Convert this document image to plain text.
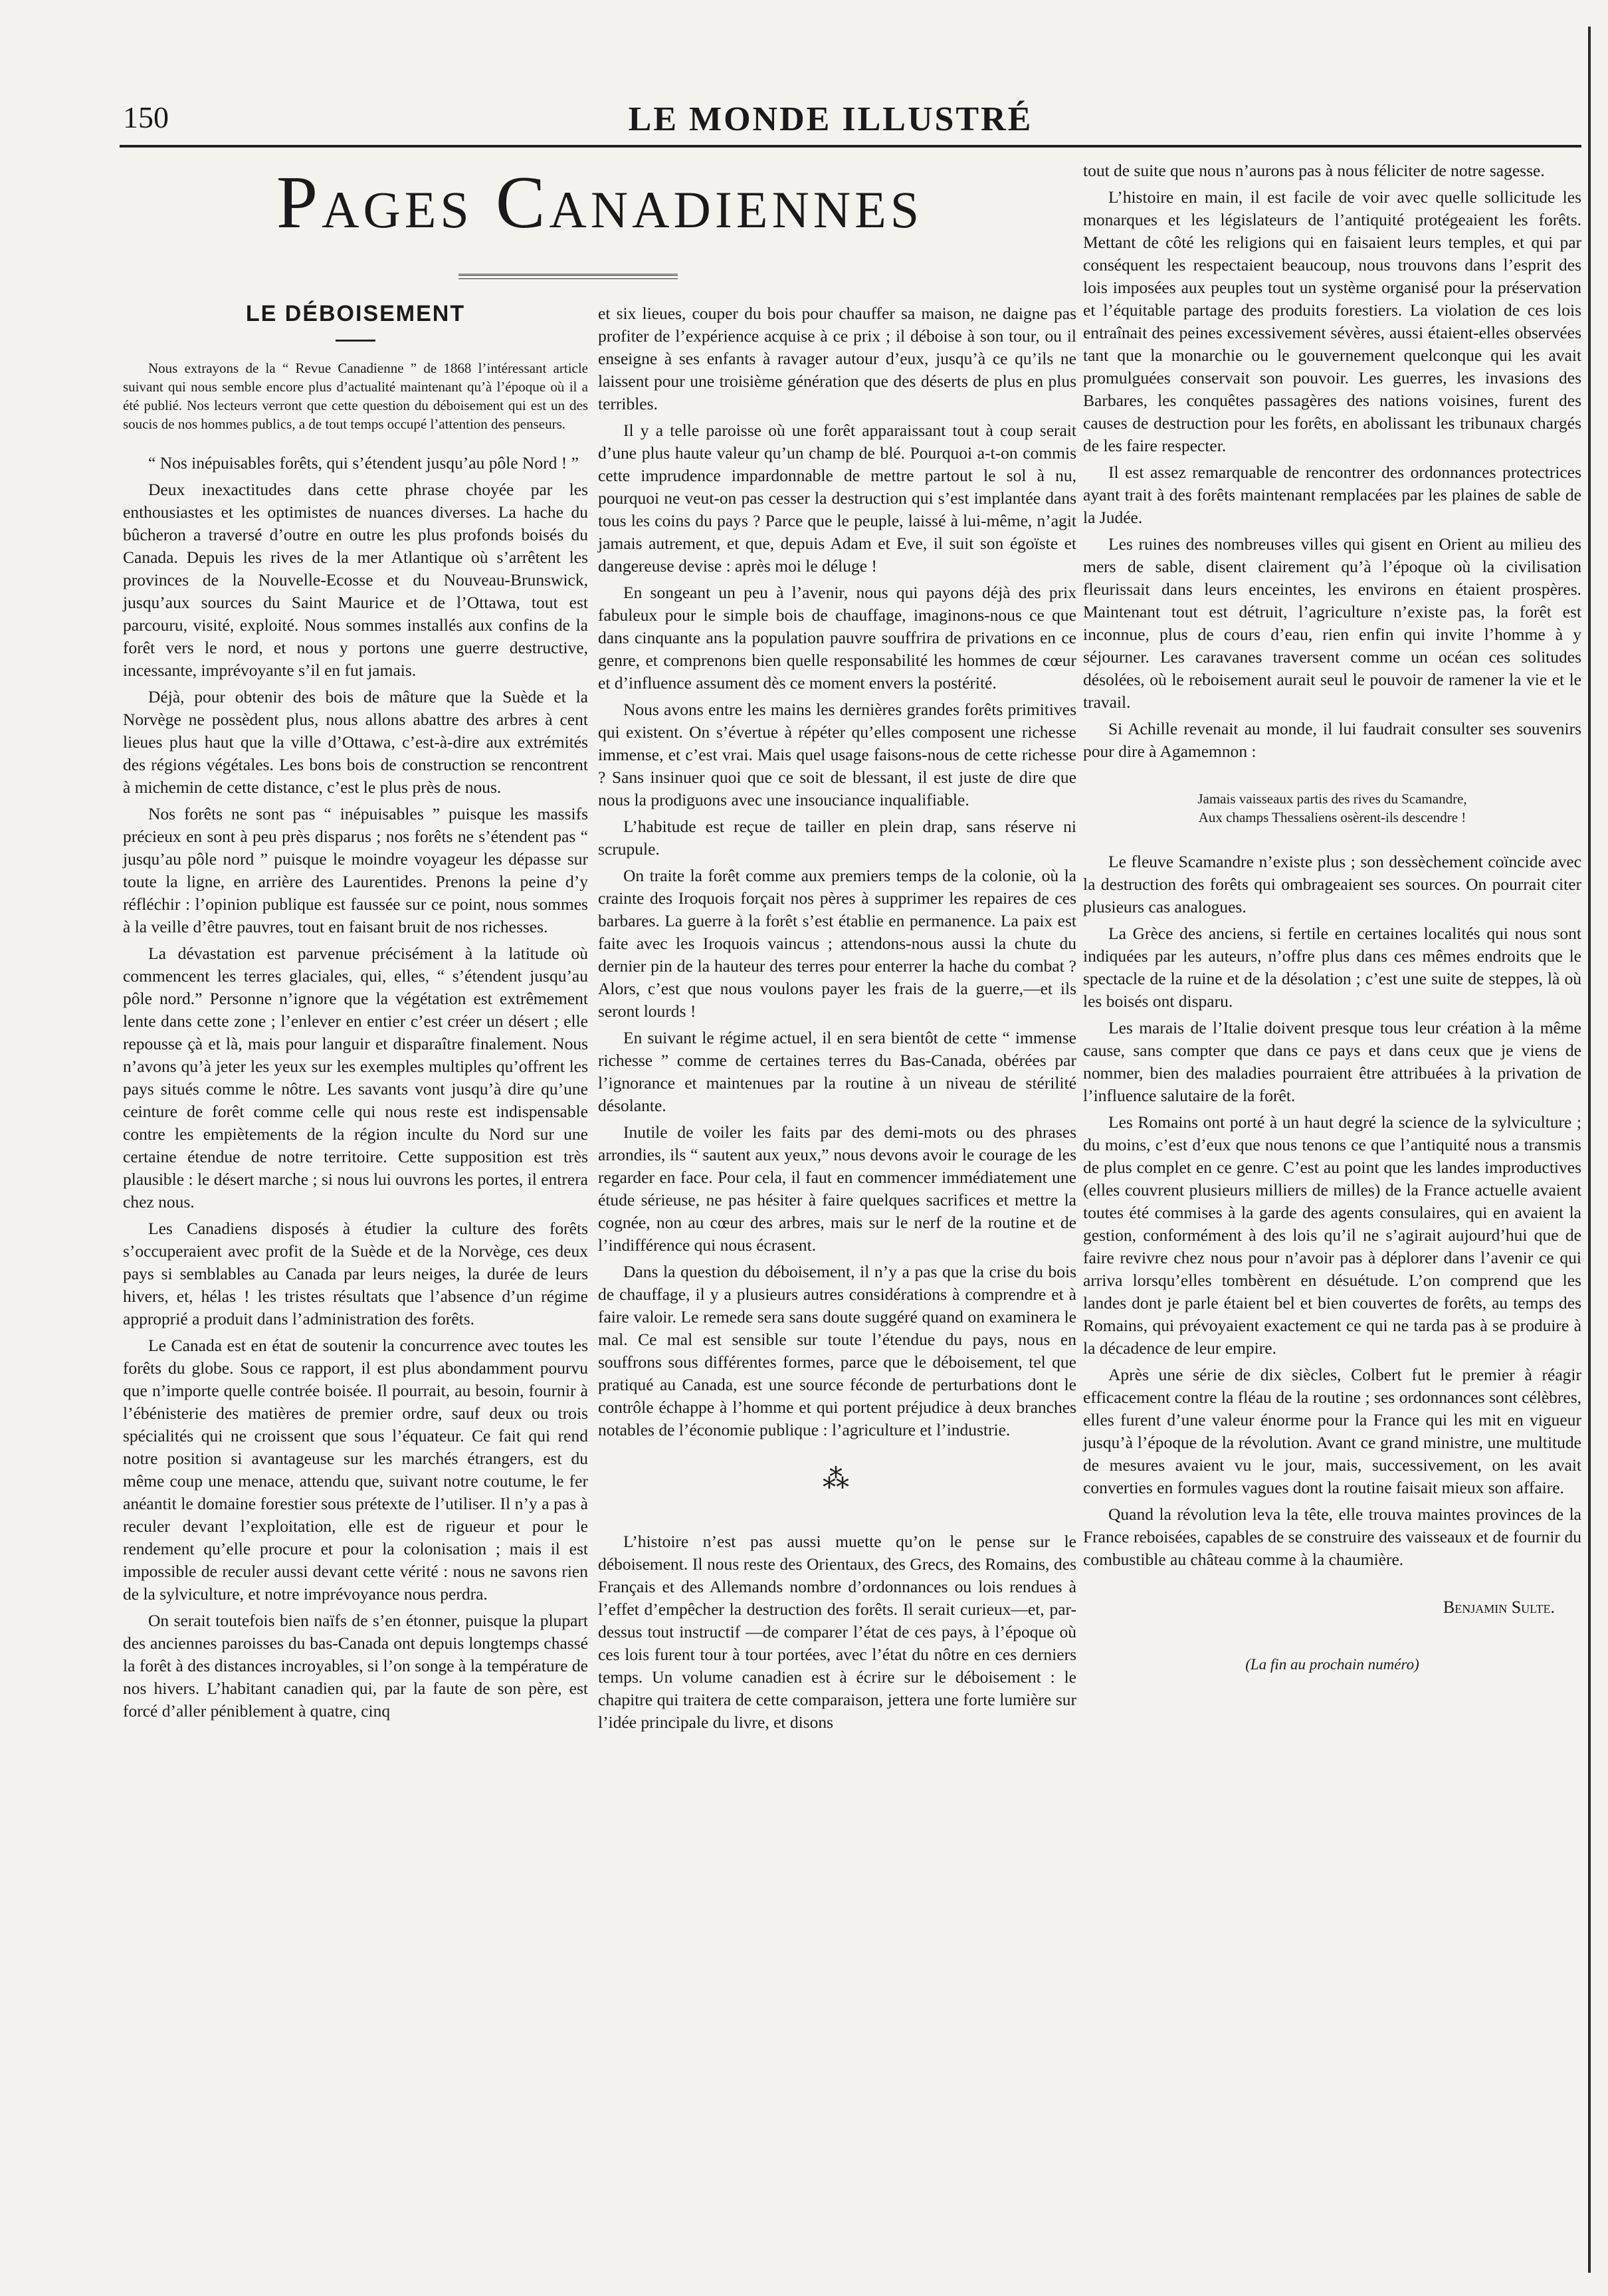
150	LE MONDE ILLUSTRÉ
Pages Canadiennes
LE DÉBOISEMENT
Nous extrayons de la “ Revue Canadienne ” de 1868 l’intéressant article suivant qui nous semble encore plus d’actualité maintenant qu’à l’époque où il a été publié. Nos lecteurs verront que cette question du déboisement qui est un des soucis de nos hommes publics, a de tout temps occupé l’attention des penseurs.

“ Nos inépuisables forêts, qui s’étendent jusqu’au pôle Nord ! ”

Deux inexactitudes dans cette phrase choyée par les enthousiastes et les optimistes de nuances diverses. La hache du bûcheron a traversé d’outre en outre les plus profonds boisés du Canada. Depuis les rives de la mer Atlantique où s’arrêtent les provinces de la Nouvelle-Ecosse et du Nouveau-Brunswick, jusqu’aux sources du Saint Maurice et de l’Ottawa, tout est parcouru, visité, exploité. Nous sommes installés aux confins de la forêt vers le nord, et nous y portons une guerre destructive, incessante, imprévoyante s’il en fut jamais.

Déjà, pour obtenir des bois de mâture que la Suède et la Norvège ne possèdent plus, nous allons abattre des arbres à cent lieues plus haut que la ville d’Ottawa, c’est-à-dire aux extrémités des régions végétales. Les bons bois de construction se rencontrent à michemin de cette distance, c’est le plus près de nous.

Nos forêts ne sont pas “ inépuisables ” puisque les massifs précieux en sont à peu près disparus ; nos forêts ne s’étendent pas “ jusqu’au pôle nord ” puisque le moindre voyageur les dépasse sur toute la ligne, en arrière des Laurentides. Prenons la peine d’y réfléchir : l’opinion publique est faussée sur ce point, nous sommes à la veille d’être pauvres, tout en faisant bruit de nos richesses.

La dévastation est parvenue précisément à la latitude où commencent les terres glaciales, qui, elles, “ s’étendent jusqu’au pôle nord.” Personne n’ignore que la végétation est extrêmement lente dans cette zone ; l’enlever en entier c’est créer un désert ; elle repousse çà et là, mais pour languir et disparaître finalement. Nous n’avons qu’à jeter les yeux sur les exemples multiples qu’offrent les pays situés comme le nôtre. Les savants vont jusqu’à dire qu’une ceinture de forêt comme celle qui nous reste est indispensable contre les empiètements de la région inculte du Nord sur une certaine étendue de notre territoire. Cette supposition est très plausible : le désert marche ; si nous lui ouvrons les portes, il entrera chez nous.

Les Canadiens disposés à étudier la culture des forêts s’occuperaient avec profit de la Suède et de la Norvège, ces deux pays si semblables au Canada par leurs neiges, la durée de leurs hivers, et, hélas ! les tristes résultats que l’absence d’un régime approprié a produit dans l’administration des forêts.

Le Canada est en état de soutenir la concurrence avec toutes les forêts du globe. Sous ce rapport, il est plus abondamment pourvu que n’importe quelle contrée boisée. Il pourrait, au besoin, fournir à l’ébénisterie des matières de premier ordre, sauf deux ou trois spécialités qui ne croissent que sous l’équateur. Ce fait qui rend notre position si avantageuse sur les marchés étrangers, est du même coup une menace, attendu que, suivant notre coutume, le fer anéantit le domaine forestier sous prétexte de l’utiliser. Il n’y a pas à reculer devant l’exploitation, elle est de rigueur et pour le rendement qu’elle procure et pour la colonisation ; mais il est impossible de reculer aussi devant cette vérité : nous ne savons rien de la sylviculture, et notre imprévoyance nous perdra.

On serait toutefois bien naïfs de s’en étonner, puisque la plupart des anciennes paroisses du bas-Canada ont depuis longtemps chassé la forêt à des distances incroyables, si l’on songe à la température de nos hivers. L’habitant canadien qui, par la faute de son père, est forcé d’aller péniblement à quatre, cinq

et six lieues, couper du bois pour chauffer sa maison, ne daigne pas profiter de l’expérience acquise à ce prix ; il déboise à son tour, ou il enseigne à ses enfants à ravager autour d’eux, jusqu’à ce qu’ils ne laissent pour une troisième génération que des déserts de plus en plus terribles.

Il y a telle paroisse où une forêt apparaissant tout à coup serait d’une plus haute valeur qu’un champ de blé. Pourquoi a-t-on commis cette imprudence impardonnable de mettre partout le sol à nu, pourquoi ne veut-on pas cesser la destruction qui s’est implantée dans tous les coins du pays ? Parce que le peuple, laissé à lui-même, n’agit jamais autrement, et que, depuis Adam et Eve, il suit son égoïste et dangereuse devise : après moi le déluge !

En songeant un peu à l’avenir, nous qui payons déjà des prix fabuleux pour le simple bois de chauffage, imaginons-nous ce que dans cinquante ans la population pauvre souffrira de privations en ce genre, et comprenons bien quelle responsabilité les hommes de cœur et d’influence assument dès ce moment envers la postérité.

Nous avons entre les mains les dernières grandes forêts primitives qui existent. On s’évertue à répéter qu’elles composent une richesse immense, et c’est vrai. Mais quel usage faisons-nous de cette richesse ? Sans insinuer quoi que ce soit de blessant, il est juste de dire que nous la prodiguons avec une insouciance inqualifiable.

L’habitude est reçue de tailler en plein drap, sans réserve ni scrupule.

On traite la forêt comme aux premiers temps de la colonie, où la crainte des Iroquois forçait nos pères à supprimer les repaires de ces barbares. La guerre à la forêt s’est établie en permanence. La paix est faite avec les Iroquois vaincus ; attendons-nous aussi la chute du dernier pin de la hauteur des terres pour enterrer la hache du combat ? Alors, c’est que nous voulons payer les frais de la guerre,—et ils seront lourds !

En suivant le régime actuel, il en sera bientôt de cette “ immense richesse ” comme de certaines terres du Bas-Canada, obérées par l’ignorance et maintenues par la routine à un niveau de stérilité désolante.

Inutile de voiler les faits par des demi-mots ou des phrases arrondies, ils “ sautent aux yeux,” nous devons avoir le courage de les regarder en face. Pour cela, il faut en commencer immédiatement une étude sérieuse, ne pas hésiter à faire quelques sacrifices et mettre la cognée, non au cœur des arbres, mais sur le nerf de la routine et de l’indifférence qui nous écrasent.

Dans la question du déboisement, il n’y a pas que la crise du bois de chauffage, il y a plusieurs autres considérations à comprendre et à faire valoir. Le remede sera sans doute suggéré quand on examinera le mal. Ce mal est sensible sur toute l’étendue du pays, nous en souffrons sous différentes formes, parce que le déboisement, tel que pratiqué au Canada, est une source féconde de perturbations dont le contrôle échappe à l’homme et qui portent préjudice à deux branches notables de l’économie publique : l’agriculture et l’industrie.

⁂

L’histoire n’est pas aussi muette qu’on le pense sur le déboisement. Il nous reste des Orientaux, des Grecs, des Romains, des Français et des Allemands nombre d’ordonnances ou lois rendues à l’effet d’empêcher la destruction des forêts. Il serait curieux—et, par-dessus tout instructif —de comparer l’état de ces pays, à l’époque où ces lois furent tour à tour portées, avec l’état du nôtre en ces derniers temps. Un volume canadien est à écrire sur le déboisement : le chapitre qui traitera de cette comparaison, jettera une forte lumière sur l’idée principale du livre, et disons

tout de suite que nous n’aurons pas à nous féliciter de notre sagesse.

L’histoire en main, il est facile de voir avec quelle sollicitude les monarques et les législateurs de l’antiquité protégeaient les forêts. Mettant de côté les religions qui en faisaient leurs temples, et qui par conséquent les respectaient beaucoup, nous trouvons dans l’esprit des lois imposées aux peuples tout un système organisé pour la préservation et l’équitable partage des produits forestiers. La violation de ces lois entraînait des peines excessivement sévères, aussi étaient-elles observées tant que la monarchie ou le gouvernement quelconque qui les avait promulguées conservait son pouvoir. Les guerres, les invasions des Barbares, les conquêtes passagères des nations voisines, furent des causes de destruction pour les forêts, en abolissant les tribunaux chargés de les faire respecter.

Il est assez remarquable de rencontrer des ordonnances protectrices ayant trait à des forêts maintenant remplacées par les plaines de sable de la Judée.

Les ruines des nombreuses villes qui gisent en Orient au milieu des mers de sable, disent clairement qu’à l’époque où la civilisation fleurissait dans leurs enceintes, les environs en étaient prospères. Maintenant tout est détruit, l’agriculture n’existe pas, la forêt est inconnue, plus de cours d’eau, rien enfin qui invite l’homme à y séjourner. Les caravanes traversent comme un océan ces solitudes désolées, où le reboisement aurait seul le pouvoir de ramener la vie et le travail.

Si Achille revenait au monde, il lui faudrait consulter ses souvenirs pour dire à Agamemnon :

Jamais vaisseaux partis des rives du Scamandre,
Aux champs Thessaliens osèrent-ils descendre !

Le fleuve Scamandre n’existe plus ; son dessèchement coïncide avec la destruction des forêts qui ombrageaient ses sources. On pourrait citer plusieurs cas analogues.

La Grèce des anciens, si fertile en certaines localités qui nous sont indiquées par les auteurs, n’offre plus dans ces mêmes endroits que le spectacle de la ruine et de la désolation ; c’est une suite de steppes, là où les boisés ont disparu.

Les marais de l’Italie doivent presque tous leur création à la même cause, sans compter que dans ce pays et dans ceux que je viens de nommer, bien des maladies pourraient être attribuées à la privation de l’influence salutaire de la forêt.

Les Romains ont porté à un haut degré la science de la sylviculture ; du moins, c’est d’eux que nous tenons ce que l’antiquité nous a transmis de plus complet en ce genre. C’est au point que les landes improductives (elles couvrent plusieurs milliers de milles) de la France actuelle avaient toutes été commises à la garde des agents consulaires, qui en avaient la gestion, conformément à des lois qu’il ne s’agirait aujourd’hui que de faire revivre chez nous pour n’avoir pas à déplorer dans l’avenir ce qui arriva lorsqu’elles tombèrent en désuétude. L’on comprend que les landes dont je parle étaient bel et bien couvertes de forêts, au temps des Romains, qui prévoyaient exactement ce qui ne tarda pas à se produire à la décadence de leur empire.

Après une série de dix siècles, Colbert fut le premier à réagir efficacement contre la fléau de la routine ; ses ordonnances sont célèbres, elles furent d’une valeur énorme pour la France qui les mit en vigueur jusqu’à l’époque de la révolution. Avant ce grand ministre, une multitude de mesures avaient vu le jour, mais, successivement, on les avait converties en formules vagues dont la routine faisait mieux son affaire.

Quand la révolution leva la tête, elle trouva maintes provinces de la France reboisées, capables de se construire des vaisseaux et de fournir du combustible au château comme à la chaumière.

Benjamin Sulte.
(La fin au prochain numéro)
